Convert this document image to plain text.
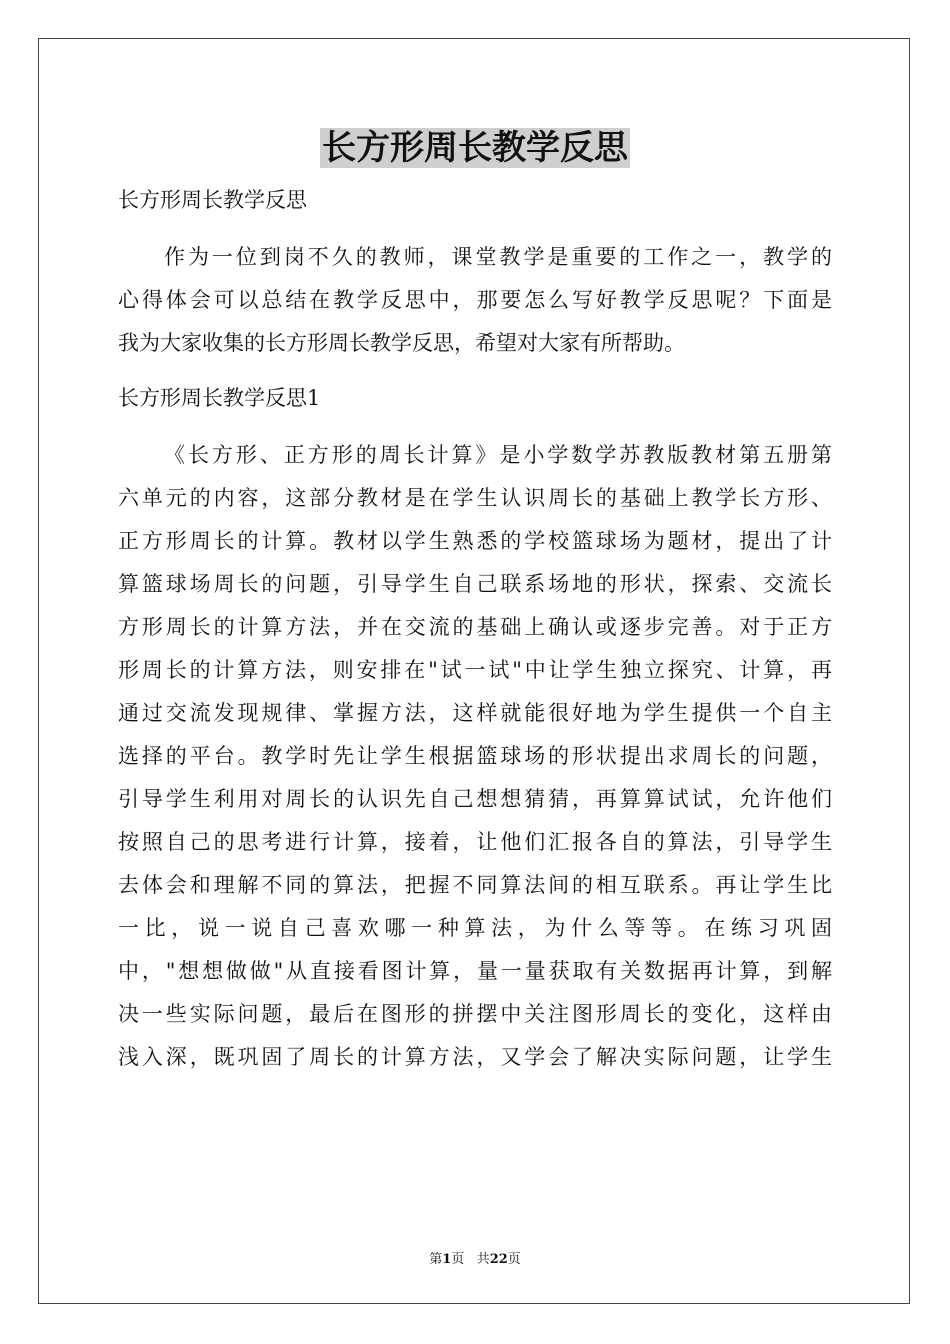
长方形周长教学反思
长方形周长教学反思
作为一位到岗不久的教师，课堂教学是重要的工作之一，教学的
心得体会可以总结在教学反思中，那要怎么写好教学反思呢？下面是
我为大家收集的长方形周长教学反思，希望对大家有所帮助。
长方形周长教学反思1
《长方形、正方形的周长计算》是小学数学苏教版教材第五册第
六单元的内容，这部分教材是在学生认识周长的基础上教学长方形、
正方形周长的计算。教材以学生熟悉的学校篮球场为题材，提出了计
算篮球场周长的问题，引导学生自己联系场地的形状，探索、交流长
方形周长的计算方法，并在交流的基础上确认或逐步完善。对于正方
形周长的计算方法，则安排在"试一试"中让学生独立探究、计算，再
通过交流发现规律、掌握方法，这样就能很好地为学生提供一个自主
选择的平台。教学时先让学生根据篮球场的形状提出求周长的问题，
引导学生利用对周长的认识先自己想想猜猜，再算算试试，允许他们
按照自己的思考进行计算，接着，让他们汇报各自的算法，引导学生
去体会和理解不同的算法，把握不同算法间的相互联系。再让学生比
一比，说一说自己喜欢哪一种算法，为什么等等。在练习巩固
中，"想想做做"从直接看图计算，量一量获取有关数据再计算，到解
决一些实际问题，最后在图形的拼摆中关注图形周长的变化，这样由
浅入深，既巩固了周长的计算方法，又学会了解决实际问题，让学生
第1页 共22页
